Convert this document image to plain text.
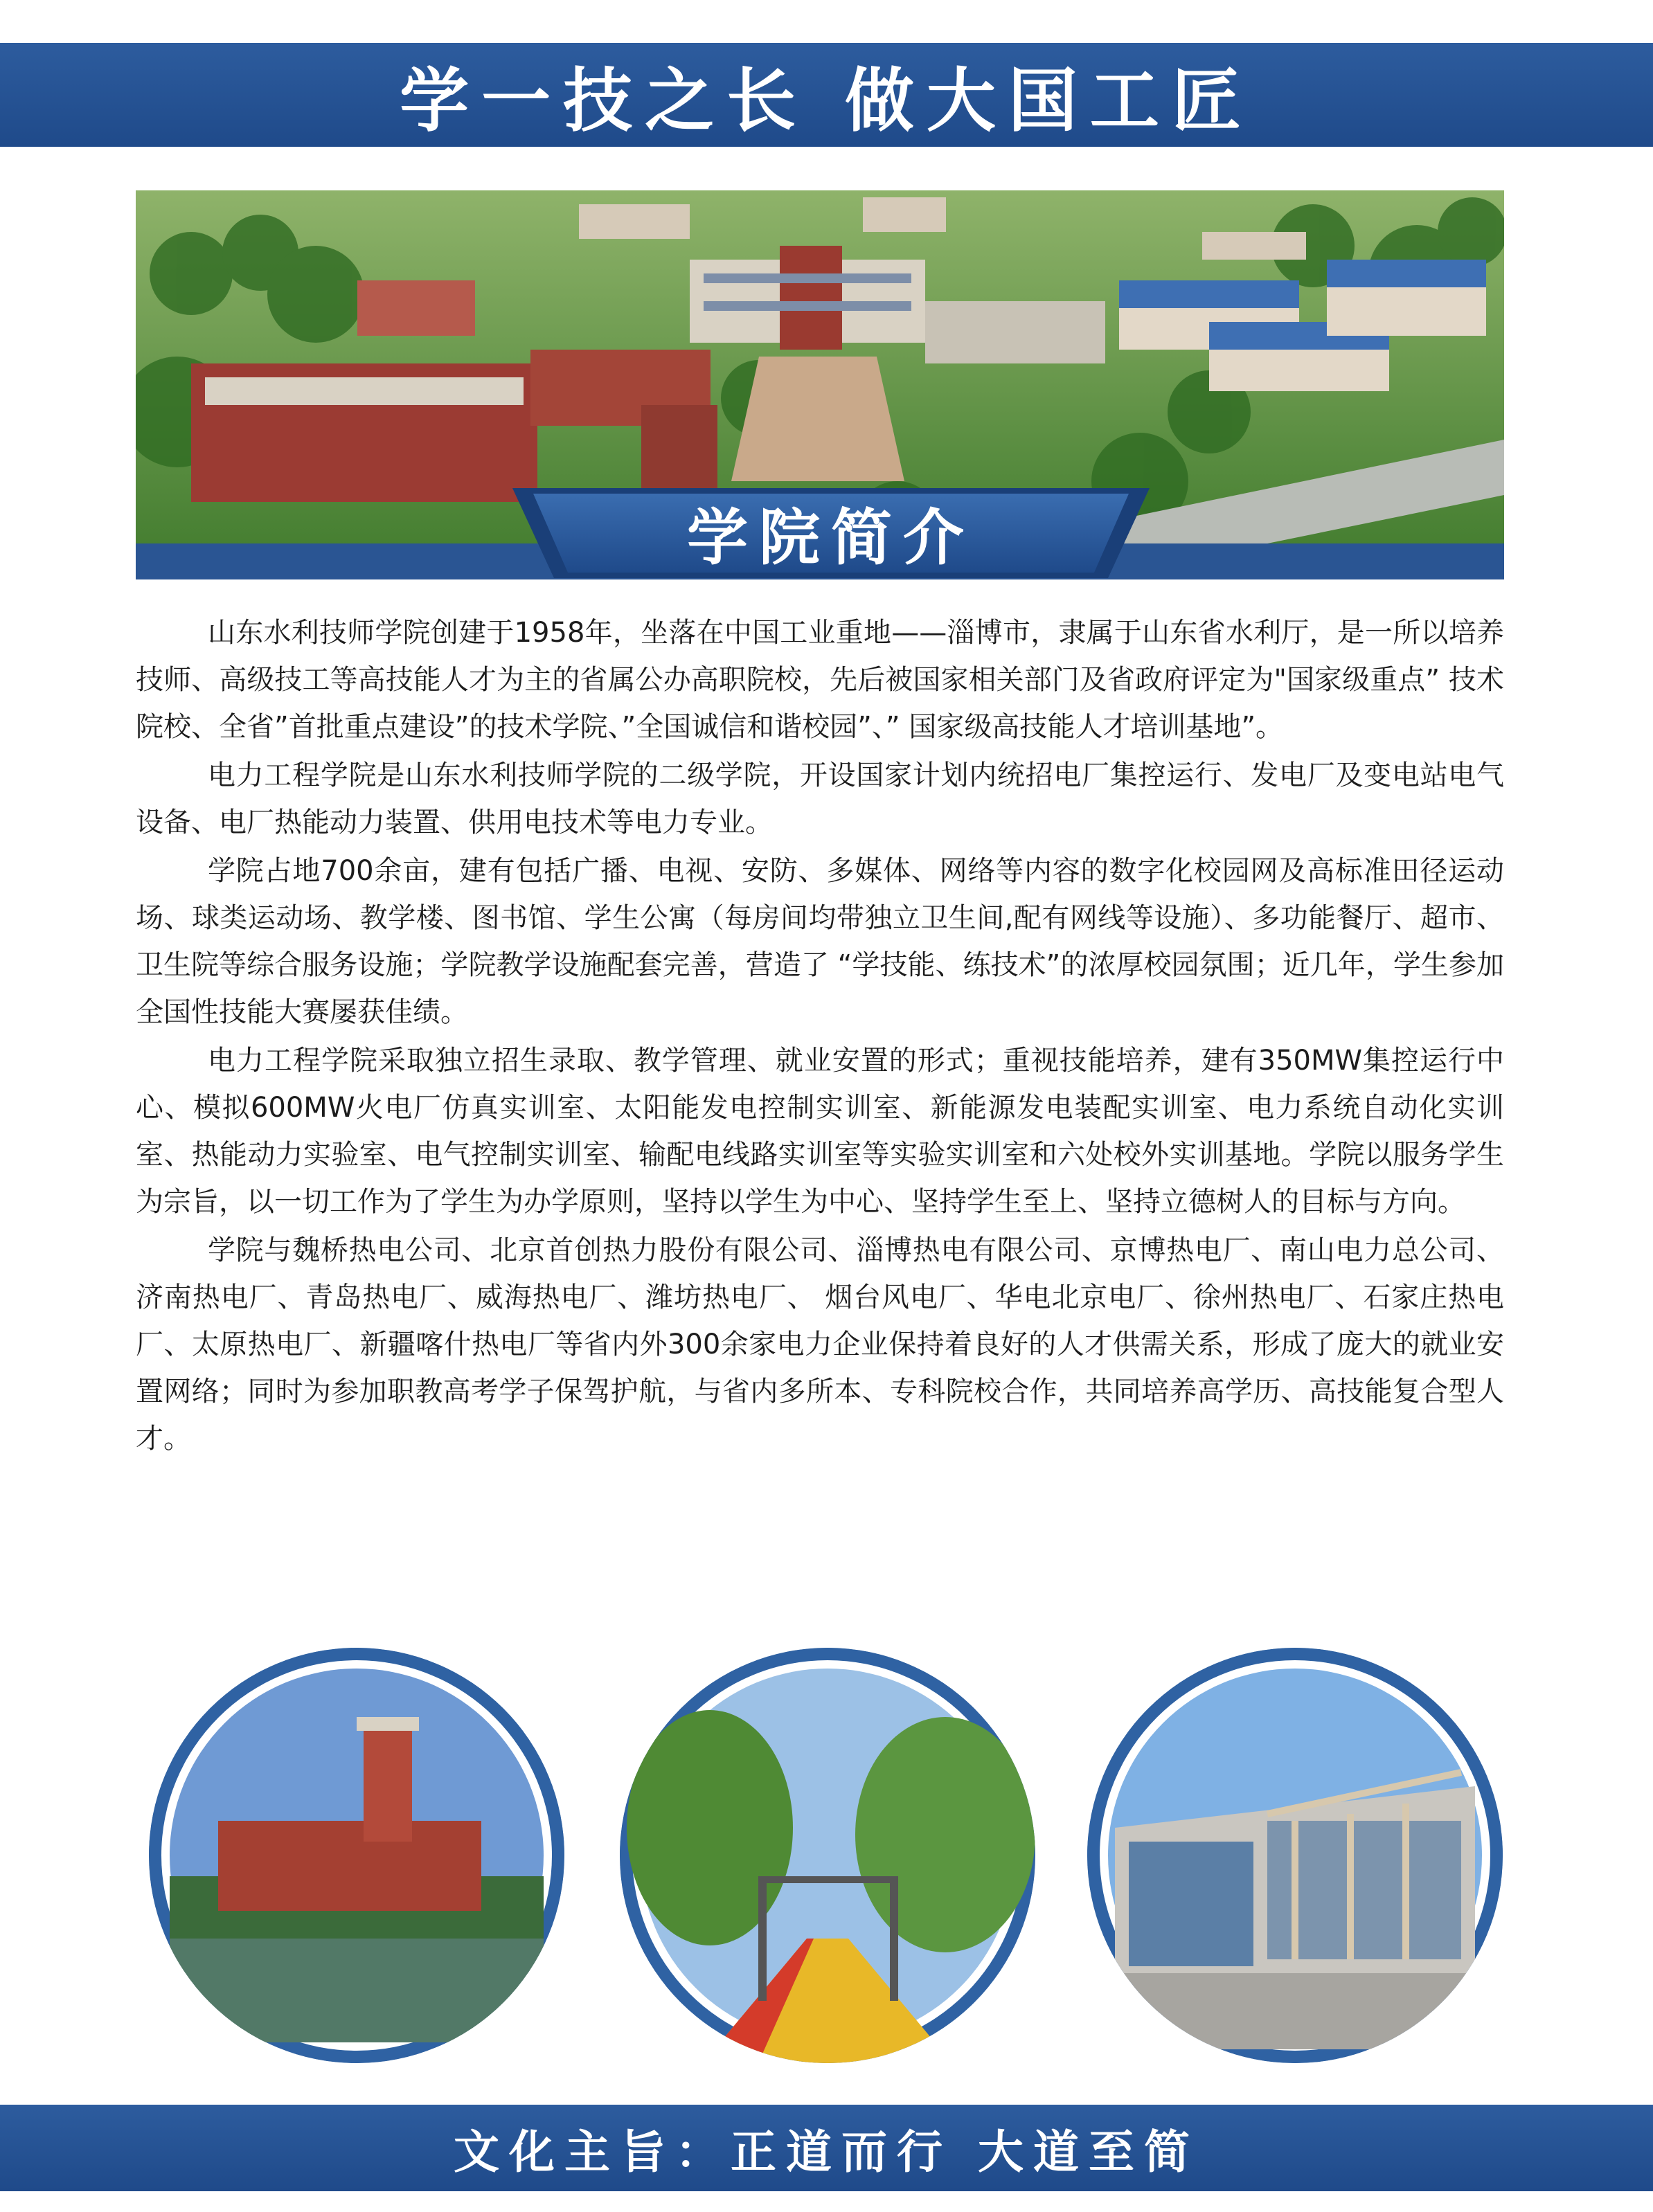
学一技之长 做大国工匠
学院简介

山东水利技师学院创建于1958年，坐落在中国工业重地——淄博市，隶属于山东省水利厅，是一所以培养技师、高级技工等高技能人才为主的省属公办高职院校，先后被国家相关部门及省政府评定为"国家级重点” 技术院校、全省”首批重点建设”的技术学院、”全国诚信和谐校园”、” 国家级高技能人才培训基地”。

电力工程学院是山东水利技师学院的二级学院，开设国家计划内统招电厂集控运行、发电厂及变电站电气设备、电厂热能动力装置、供用电技术等电力专业。

学院占地700余亩，建有包括广播、电视、安防、多媒体、网络等内容的数字化校园网及高标准田径运动场、球类运动场、教学楼、图书馆、学生公寓（每房间均带独立卫生间,配有网线等设施）、多功能餐厅、超市、卫生院等综合服务设施；学院教学设施配套完善，营造了 “学技能、练技术”的浓厚校园氛围；近几年，学生参加全国性技能大赛屡获佳绩。

电力工程学院采取独立招生录取、教学管理、就业安置的形式；重视技能培养，建有350MW集控运行中心、模拟600MW火电厂仿真实训室、太阳能发电控制实训室、新能源发电装配实训室、电力系统自动化实训室、热能动力实验室、电气控制实训室、输配电线路实训室等实验实训室和六处校外实训基地。学院以服务学生为宗旨，以一切工作为了学生为办学原则，坚持以学生为中心、坚持学生至上、坚持立德树人的目标与方向。

学院与魏桥热电公司、北京首创热力股份有限公司、淄博热电有限公司、京博热电厂、南山电力总公司、济南热电厂、青岛热电厂、威海热电厂、潍坊热电厂、 烟台风电厂、华电北京电厂、徐州热电厂、石家庄热电厂、太原热电厂、新疆喀什热电厂等省内外300余家电力企业保持着良好的人才供需关系，形成了庞大的就业安置网络；同时为参加职教高考学子保驾护航，与省内多所本、专科院校合作，共同培养高学历、高技能复合型人才。

文化主旨：正道而行 大道至简
